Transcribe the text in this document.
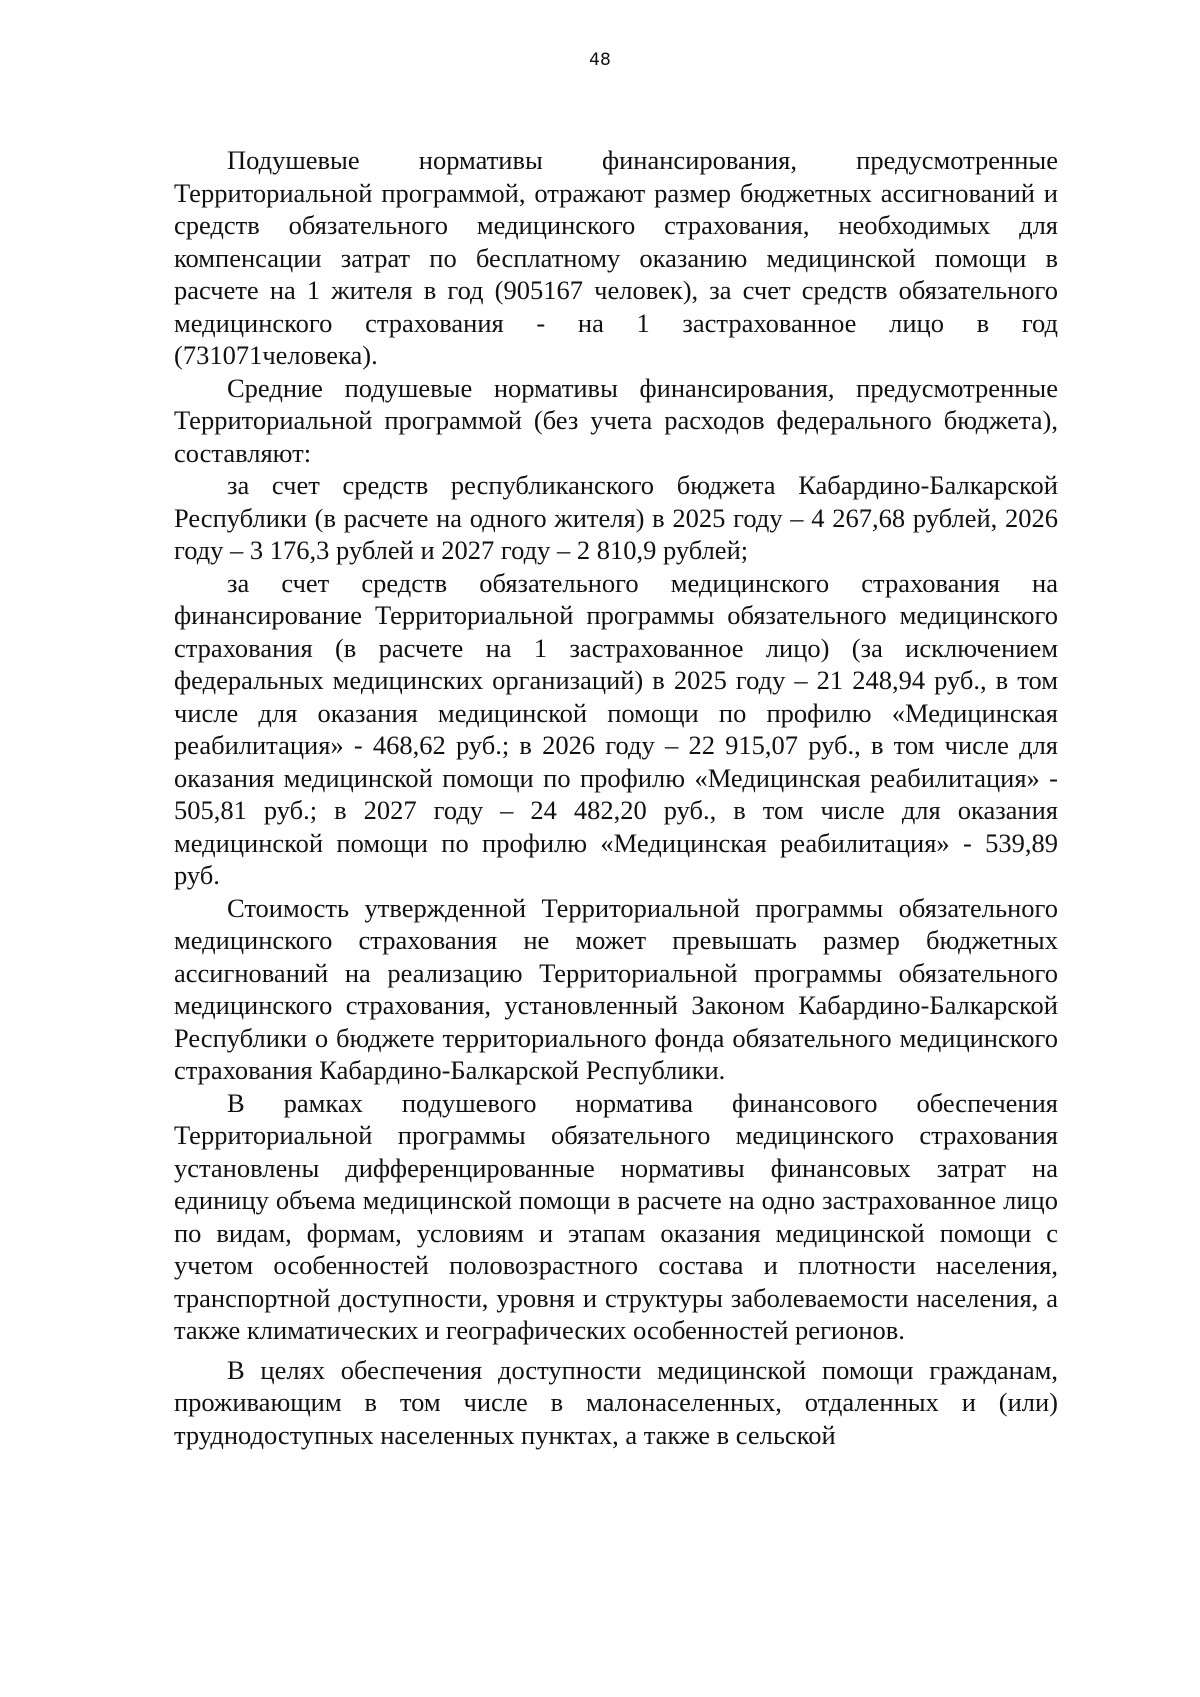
48

Подушевые нормативы финансирования, предусмотренные Территориальной программой, отражают размер бюджетных ассигнований и средств обязательного медицинского страхования, необходимых для компенсации затрат по бесплатному оказанию медицинской помощи в расчете на 1 жителя в год (905167 человек), за счет средств обязательного медицинского страхования - на 1 застрахованное лицо в год (731071человека).

Средние подушевые нормативы финансирования, предусмотренные Территориальной программой (без учета расходов федерального бюджета), составляют:

за счет средств республиканского бюджета Кабардино-Балкарской Республики (в расчете на одного жителя) в 2025 году – 4 267,68 рублей, 2026 году – 3 176,3 рублей и 2027 году – 2 810,9 рублей;

за счет средств обязательного медицинского страхования на финансирование Территориальной программы обязательного медицинского страхования (в расчете на 1 застрахованное лицо) (за исключением федеральных медицинских организаций) в 2025 году – 21 248,94 руб., в том числе для оказания медицинской помощи по профилю «Медицинская реабилитация» - 468,62 руб.; в 2026 году – 22 915,07 руб., в том числе для оказания медицинской помощи по профилю «Медицинская реабилитация» - 505,81 руб.; в 2027 году – 24 482,20 руб., в том числе для оказания медицинской помощи по профилю «Медицинская реабилитация» - 539,89 руб.

Стоимость утвержденной Территориальной программы обязательного медицинского страхования не может превышать размер бюджетных ассигнований на реализацию Территориальной программы обязательного медицинского страхования, установленный Законом Кабардино-Балкарской Республики о бюджете территориального фонда обязательного медицинского страхования Кабардино-Балкарской Республики.

В рамках подушевого норматива финансового обеспечения Территориальной программы обязательного медицинского страхования установлены дифференцированные нормативы финансовых затрат на единицу объема медицинской помощи в расчете на одно застрахованное лицо по видам, формам, условиям и этапам оказания медицинской помощи с учетом особенностей половозрастного состава и плотности населения, транспортной доступности, уровня и структуры заболеваемости населения, а также климатических и географических особенностей регионов.

В целях обеспечения доступности медицинской помощи гражданам, проживающим в том числе в малонаселенных, отдаленных и (или) труднодоступных населенных пунктах, а также в сельской
